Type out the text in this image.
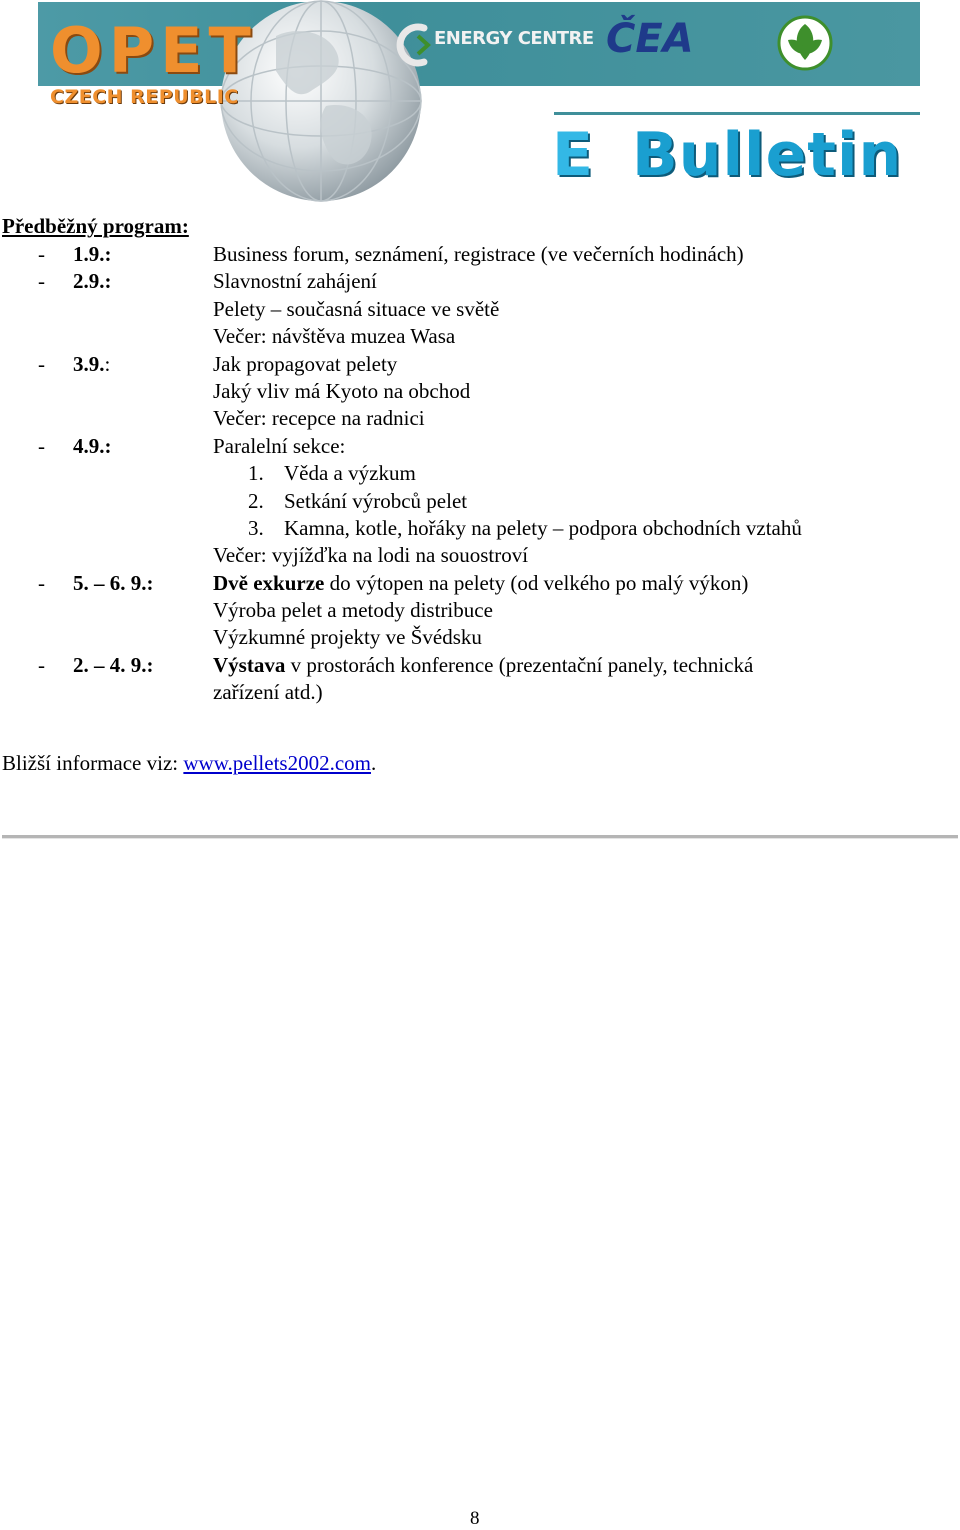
OPET
CZECH REPUBLIC
ENERGY CENTRE ČEA
E Bulletin
Předběžný program:
- 1.9.:	Business forum, seznámení, registrace (ve večerních hodinách)
- 2.9.:	Slavnostní zahájení
Pelety – současná situace ve světě
Večer: návštěva muzea Wasa
- 3.9.:	Jak propagovat pelety
Jaký vliv má Kyoto na obchod
Večer: recepce na radnici
- 4.9.:	Paralelní sekce:
1. Věda a výzkum
2. Setkání výrobců pelet
3. Kamna, kotle, hořáky na pelety – podpora obchodních vztahů
Večer: vyjížďka na lodi na souostroví
- 5. – 6. 9.:	Dvě exkurze do výtopen na pelety (od velkého po malý výkon)
Výroba pelet a metody distribuce
Výzkumné projekty ve Švédsku
- 2. – 4. 9.:	Výstava v prostorách konference (prezentační panely, technická
zařízení atd.)
Bližší informace viz: www.pellets2002.com.
8
